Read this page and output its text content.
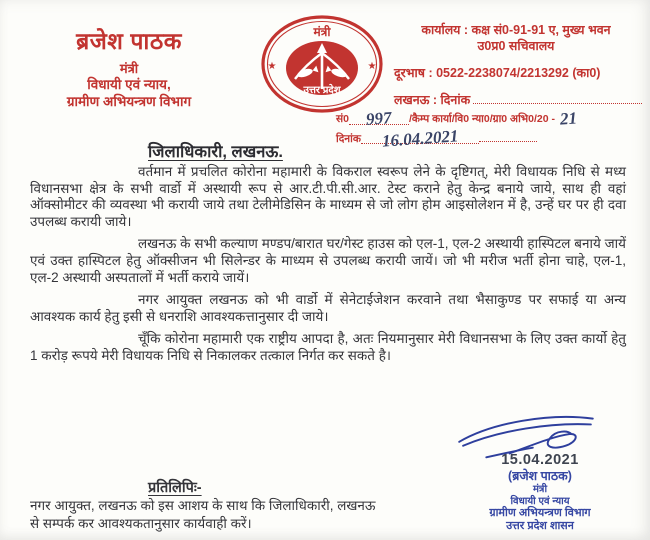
ब्रजेश पाठक
मंत्री
विधायी एवं न्याय,
ग्रामीण अभियन्त्रण विभाग
मंत्री
★	★
उत्तर प्रदेश
कार्यालय : कक्ष सं0-91-91 ए, मुख्य भवन
उ0प्र0 सचिवालय
दूरभाष : 0522-2238074/2213292 (का0)
लखनऊ : दिनांक
सं0 997	/कैम्प कार्या/वि0 न्या0/ग्रा0 अभि0/20 - 21
दिनांक	16.04.2021
जिलाधिकारी, लखनऊ.

वर्तमान में प्रचलित कोरोना महामारी के विकराल स्वरूप लेने के दृष्टिगत्, मेरी विधायक निधि से मध्य विधानसभा क्षेत्र के सभी वार्डो में अस्थायी रूप से आर.टी.पी.सी.आर. टेस्ट कराने हेतु केन्द्र बनाये जाये, साथ ही वहां ऑक्सोमीटर की व्यवस्था भी करायी जाये तथा टेलीमेडिसिन के माध्यम से जो लोग होम आइसोलेशन में है, उन्हें घर पर ही दवा उपलब्ध करायी जाये।

लखनऊ के सभी कल्याण मण्डप/बारात घर/गेस्ट हाउस को एल-1, एल-2 अस्थायी हास्पिटल बनाये जायें एवं उक्त हास्पिटल हेतु ऑक्सीजन भी सिलेन्डर के माध्यम से उपलब्ध करायी जायें। जो भी मरीज भर्ती होना चाहे, एल-1, एल-2 अस्थायी अस्पतालों में भर्ती कराये जायें।

नगर आयुक्त लखनऊ को भी वार्डो में सेनेटाईजेशन करवाने तथा भैसाकुण्ड पर सफाई या अन्य आवश्यक कार्य हेतु इसी से धनराशि आवश्यकत्तानुसार दी जाये।

चूँकि कोरोना महामारी एक राष्ट्रीय आपदा है, अतः नियमानुसार मेरी विधानसभा के लिए उक्त कार्यो हेतु 1 करोड़ रूपये मेरी विधायक निधि से निकालकर तत्काल निर्गत कर सकते है।

15.04.2021
(ब्रजेश पाठक)
मंत्री
विधायी एवं न्याय
ग्रामीण अभियन्त्रण विभाग
उत्तर प्रदेश शासन
प्रतिलिपिः-
नगर आयुक्त, लखनऊ को इस आशय के साथ कि जिलाधिकारी, लखनऊ
से सम्पर्क कर आवश्यकतानुसार कार्यवाही करें।
